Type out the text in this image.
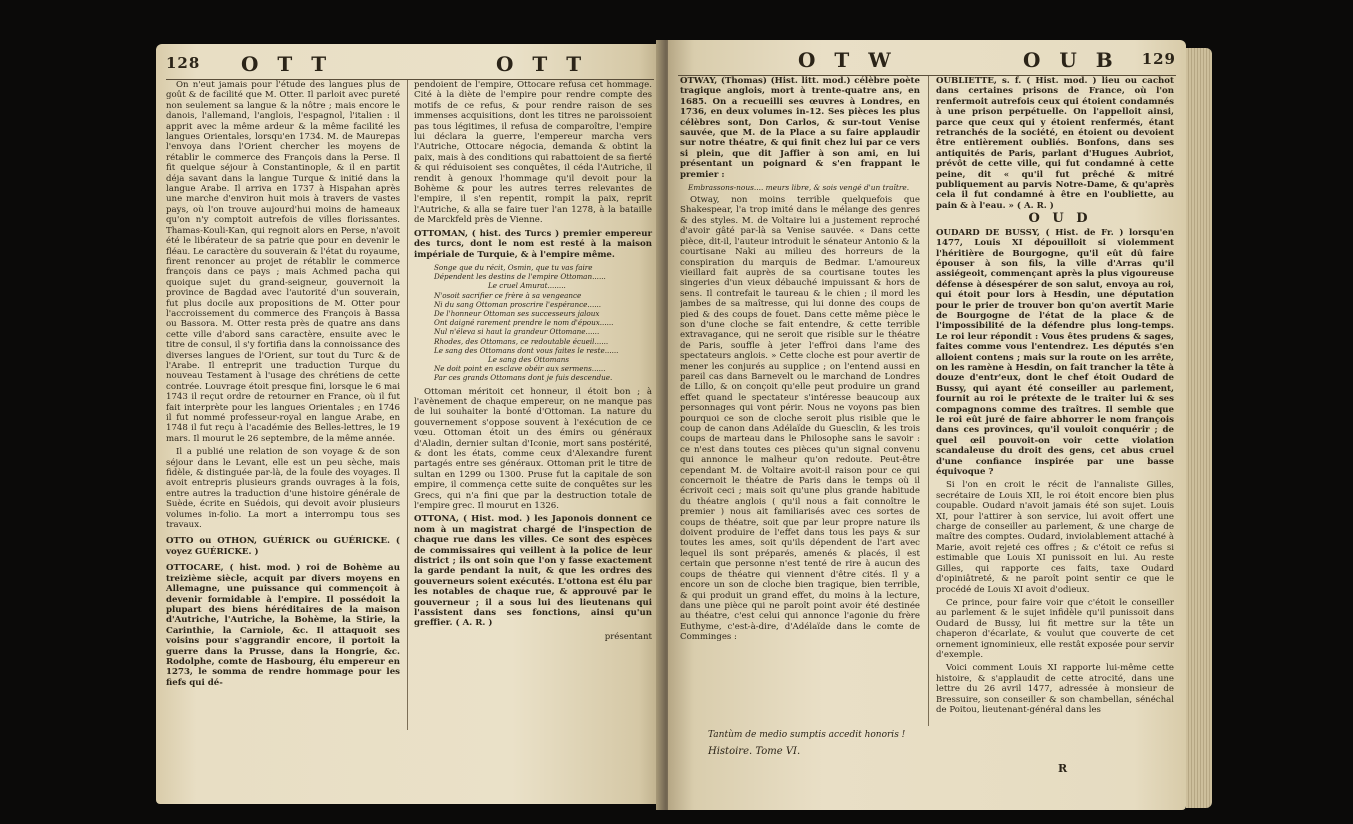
128 O T T	O T T

On n'eut jamais pour l'étude des langues plus de goût & de facilité que M. Otter. Il parloit avec pureté non seulement sa langue & la nôtre ; mais encore le danois, l'allemand, l'anglois, l'espagnol, l'italien : il apprit avec la même ardeur & la même facilité les langues Orientales, lorsqu'en 1734. M. de Maurepas l'envoya dans l'Orient chercher les moyens de rétablir le commerce des François dans la Perse. Il fit quelque séjour à Constantinople, & il en partit déja savant dans la langue Turque & initié dans la langue Arabe. Il arriva en 1737 à Hispahan après une marche d'environ huit mois à travers de vastes pays, où l'on trouve aujourd'hui moins de hameaux qu'on n'y comptoit autrefois de villes florissantes. Thamas-Kouli-Kan, qui regnoit alors en Perse, n'avoit été le libérateur de sa patrie que pour en devenir le fléau. Le caractère du souverain & l'état du royaume, firent renoncer au projet de rétablir le commerce françois dans ce pays ; mais Achmed pacha qui quoique sujet du grand-seigneur, gouvernoit la province de Bagdad avec l'autorité d'un souverain, fut plus docile aux propositions de M. Otter pour l'accroissement du commerce des François à Bassa ou Bassora. M. Otter resta près de quatre ans dans cette ville d'abord sans caractère, ensuite avec le titre de consul, il s'y fortifia dans la connoissance des diverses langues de l'Orient, sur tout du Turc & de l'Arabe. Il entreprit une traduction Turque du nouveau Testament à l'usage des chrétiens de cette contrée. Louvrage étoit presque fini, lorsque le 6 mai 1743 il reçut ordre de retourner en France, où il fut fait interprète pour les langues Orientales ; en 1746 il fut nommé professeur-royal en langue Arabe, en 1748 il fut reçu à l'académie des Belles-lettres, le 19 mars. Il mourut le 26 septembre, de la même année.

Il a publié une relation de son voyage & de son séjour dans le Levant, elle est un peu sèche, mais fidèle, & distinguée par-là, de la foule des voyages. Il avoit entrepris plusieurs grands ouvrages à la fois, entre autres la traduction d'une histoire générale de Suède, écrite en Suédois, qui devoit avoir plusieurs volumes in-folio. La mort a interrompu tous ses travaux.

OTTO ou OTHON, GUÉRICK ou GUÉRICKE. ( voyez GUÉRICKE. )

OTTOCARE, ( hist. mod. ) roi de Bohème au treizième siècle, acquit par divers moyens en Allemagne, une puissance qui commençoit à devenir formidable à l'empire. Il possédoit la plupart des biens héréditaires de la maison d'Autriche, l'Autriche, la Bohème, la Stirie, la Carinthie, la Carniole, &c. Il attaquoit ses voisins pour s'aggrandir encore, il portoit la guerre dans la Prusse, dans la Hongrie, &c. Rodolphe, comte de Hasbourg, élu empereur en 1273, le somma de rendre hommage pour les fiefs qui dé-

pendoient de l'empire, Ottocare refusa cet hommage. Cité à la diète de l'empire pour rendre compte des motifs de ce refus, & pour rendre raison de ses immenses acquisitions, dont les titres ne paroissoient pas tous légitimes, il refusa de comparoître, l'empire lui déclara la guerre, l'empereur marcha vers l'Autriche, Ottocare négocia, demanda & obtint la paix, mais à des conditions qui rabattoient de sa fierté & qui réduisoient ses conquêtes, il céda l'Autriche, il rendit à genoux l'hommage qu'il devoit pour la Bohème & pour les autres terres relevantes de l'empire, il s'en repentit, rompit la paix, reprit l'Autriche, & alla se faire tuer l'an 1278, à la bataille de Marckfeld près de Vienne.

OTTOMAN, ( hist. des Turcs ) premier empereur des turcs, dont le nom est resté à la maison impériale de Turquie, & à l'empire même.

Songe que du récit, Osmin, que tu vas faire

Dépendent les destins de l'empire Ottoman......

Le cruel Amurat........

N'osoit sacrifier ce frère à sa vengeance

Ni du sang Ottoman proscrire l'espérance......

De l'honneur Ottoman ses successeurs jaloux

Ont daigné rarement prendre le nom d'époux......

Nul n'éleva si haut la grandeur Ottomane......

Rhodes, des Ottomans, ce redoutable écueil......

Le sang des Ottomans dont vous faites le reste......

Le sang des Ottomans

Ne doit point en esclave obéir aux sermens......

Par ces grands Ottomans dont je fuis descendue.

Ottoman méritoit cet honneur, il étoit bon ; à l'avènement de chaque empereur, on ne manque pas de lui souhaiter la bonté d'Ottoman. La nature du gouvernement s'oppose souvent à l'exécution de ce vœu. Ottoman étoit un des émirs ou généraux d'Aladin, dernier sultan d'Iconie, mort sans postérité, & dont les états, comme ceux d'Alexandre furent partagés entre ses généraux. Ottoman prit le titre de sultan en 1299 ou 1300. Pruse fut la capitale de son empire, il commença cette suite de conquêtes sur les Grecs, qui n'a fini que par la destruction totale de l'empire grec. Il mourut en 1326.

OTTONA, ( Hist. mod. ) les Japonois donnent ce nom à un magistrat chargé de l'inspection de chaque rue dans les villes. Ce sont des espèces de commissaires qui veillent à la police de leur district ; ils ont soin que l'on y fasse exactement la garde pendant la nuit, & que les ordres des gouverneurs soient exécutés. L'ottona est élu par les notables de chaque rue, & approuvé par le gouverneur ; il a sous lui des lieutenans qui l'assistent dans ses fonctions, ainsi qu'un greffier. ( A. R. )

présentant

O T W	O U B 129

OTWAY, (Thomas) (Hist. litt. mod.) célèbre poète tragique anglois, mort à trente-quatre ans, en 1685. On a recueilli ses œuvres à Londres, en 1736, en deux volumes in-12. Ses pièces les plus célèbres sont, Don Carlos, & sur-tout Venise sauvée, que M. de la Place a su faire applaudir sur notre théatre, & qui finit chez lui par ce vers si plein, que dit Jaffier à son ami, en lui présentant un poignard & s'en frappant le premier :

Embrassons-nous.... meurs libre, & sois vengé d'un traître.

Otway, non moins terrible quelquefois que Shakespear, l'a trop imité dans le mélange des genres & des styles. M. de Voltaire lui a justement reproché d'avoir gâté par-là sa Venise sauvée. « Dans cette pièce, dit-il, l'auteur introduit le sénateur Antonio & la courtisane Naki au milieu des horreurs de la conspiration du marquis de Bedmar. L'amoureux vieillard fait auprès de sa courtisane toutes les singeries d'un vieux débauché impuissant & hors de sens. Il contrefait le taureau & le chien ; il mord les jambes de sa maîtresse, qui lui donne des coups de pied & des coups de fouet. Dans cette même pièce le son d'une cloche se fait entendre, & cette terrible extravagance, qui ne seroit que risible sur le théatre de Paris, souffle à jeter l'effroi dans l'ame des spectateurs anglois. » Cette cloche est pour avertir de mener les conjurés au supplice ; on l'entend aussi en pareil cas dans Barnevelt ou le marchand de Londres de Lillo, & on conçoit qu'elle peut produire un grand effet quand le spectateur s'intéresse beaucoup aux personnages qui vont périr. Nous ne voyons pas bien pourquoi ce son de cloche seroit plus risible que le coup de canon dans Adélaïde du Guesclin, & les trois coups de marteau dans le Philosophe sans le savoir : ce n'est dans toutes ces pièces qu'un signal convenu qui annonce le malheur qu'on redoute. Peut-être cependant M. de Voltaire avoit-il raison pour ce qui concernoit le théatre de Paris dans le temps où il écrivoit ceci ; mais soit qu'une plus grande habitude du théatre anglois ( qu'il nous a fait connoître le premier ) nous ait familiarisés avec ces sortes de coups de théatre, soit que par leur propre nature ils doivent produire de l'effet dans tous les pays & sur toutes les ames, soit qu'ils dépendent de l'art avec lequel ils sont préparés, amenés & placés, il est certain que personne n'est tenté de rire à aucun des coups de théatre qui viennent d'être cités. Il y a encore un son de cloche bien tragique, bien terrible, & qui produit un grand effet, du moins à la lecture, dans une pièce qui ne paroît point avoir été destinée au théatre, c'est celui qui annonce l'agonie du frère Euthyme, c'est-à-dire, d'Adélaïde dans le comte de Comminges :

Tantùm de medio sumptis accedit honoris !
Histoire. Tome VI.

OUBLIETTE, s. f. ( Hist. mod. ) lieu ou cachot dans certaines prisons de France, où l'on renfermoit autrefois ceux qui étoient condamnés à une prison perpétuelle. On l'appelloit ainsi, parce que ceux qui y étoient renfermés, étant retranchés de la société, en étoient ou devoient être entièrement oubliés. Bonfons, dans ses antiquités de Paris, parlant d'Hugues Aubriot, prévôt de cette ville, qui fut condamné à cette peine, dit « qu'il fut prêché & mitré publiquement au parvis Notre-Dame, & qu'après cela il fut condamné à être en l'oubliette, au pain & à l'eau. » ( A. R. )

O U D

OUDARD DE BUSSY, ( Hist. de Fr. ) lorsqu'en 1477, Louis XI dépouilloit si violemment l'héritière de Bourgogne, qu'il eût dû faire épouser à son fils, la ville d'Arras qu'il assiégeoit, commençant après la plus vigoureuse défense à désespérer de son salut, envoya au roi, qui étoit pour lors à Hesdin, une députation pour le prier de trouver bon qu'on avertît Marie de Bourgogne de l'état de la place & de l'impossibilité de la défendre plus long-temps. Le roi leur répondit : Vous êtes prudens & sages, faites comme vous l'entendrez. Les députés s'en alloient contens ; mais sur la route on les arrête, on les ramène à Hesdin, on fait trancher la tête à douze d'entr'eux, dont le chef étoit Oudard de Bussy, qui ayant été conseiller au parlement, fournit au roi le prétexte de le traiter lui & ses compagnons comme des traîtres. Il semble que le roi eût juré de faire abhorrer le nom françois dans ces provinces, qu'il vouloit conquérir ; de quel œil pouvoit-on voir cette violation scandaleuse du droit des gens, cet abus cruel d'une confiance inspirée par une basse équivoque ?

Si l'on en croit le récit de l'annaliste Gilles, secrétaire de Louis XII, le roi étoit encore bien plus coupable. Oudard n'avoit jamais été son sujet. Louis XI, pour l'attirer à son service, lui avoit offert une charge de conseiller au parlement, & une charge de maître des comptes. Oudard, inviolablement attaché à Marie, avoit rejeté ces offres ; & c'étoit ce refus si estimable que Louis XI punissoit en lui. Au reste Gilles, qui rapporte ces faits, taxe Oudard d'opiniâtreté, & ne paroît point sentir ce que le procédé de Louis XI avoit d'odieux.

Ce prince, pour faire voir que c'étoit le conseiller au parlement & le sujet infidèle qu'il punissoit dans Oudard de Bussy, lui fit mettre sur la tête un chaperon d'écarlate, & voulut que couverte de cet ornement ignominieux, elle restât exposée pour servir d'exemple.

Voici comment Louis XI rapporte lui-même cette histoire, & s'applaudit de cette atrocité, dans une lettre du 26 avril 1477, adressée à monsieur de Bressuire, son conseiller & son chambellan, sénéchal de Poitou, lieutenant-général dans les

R
